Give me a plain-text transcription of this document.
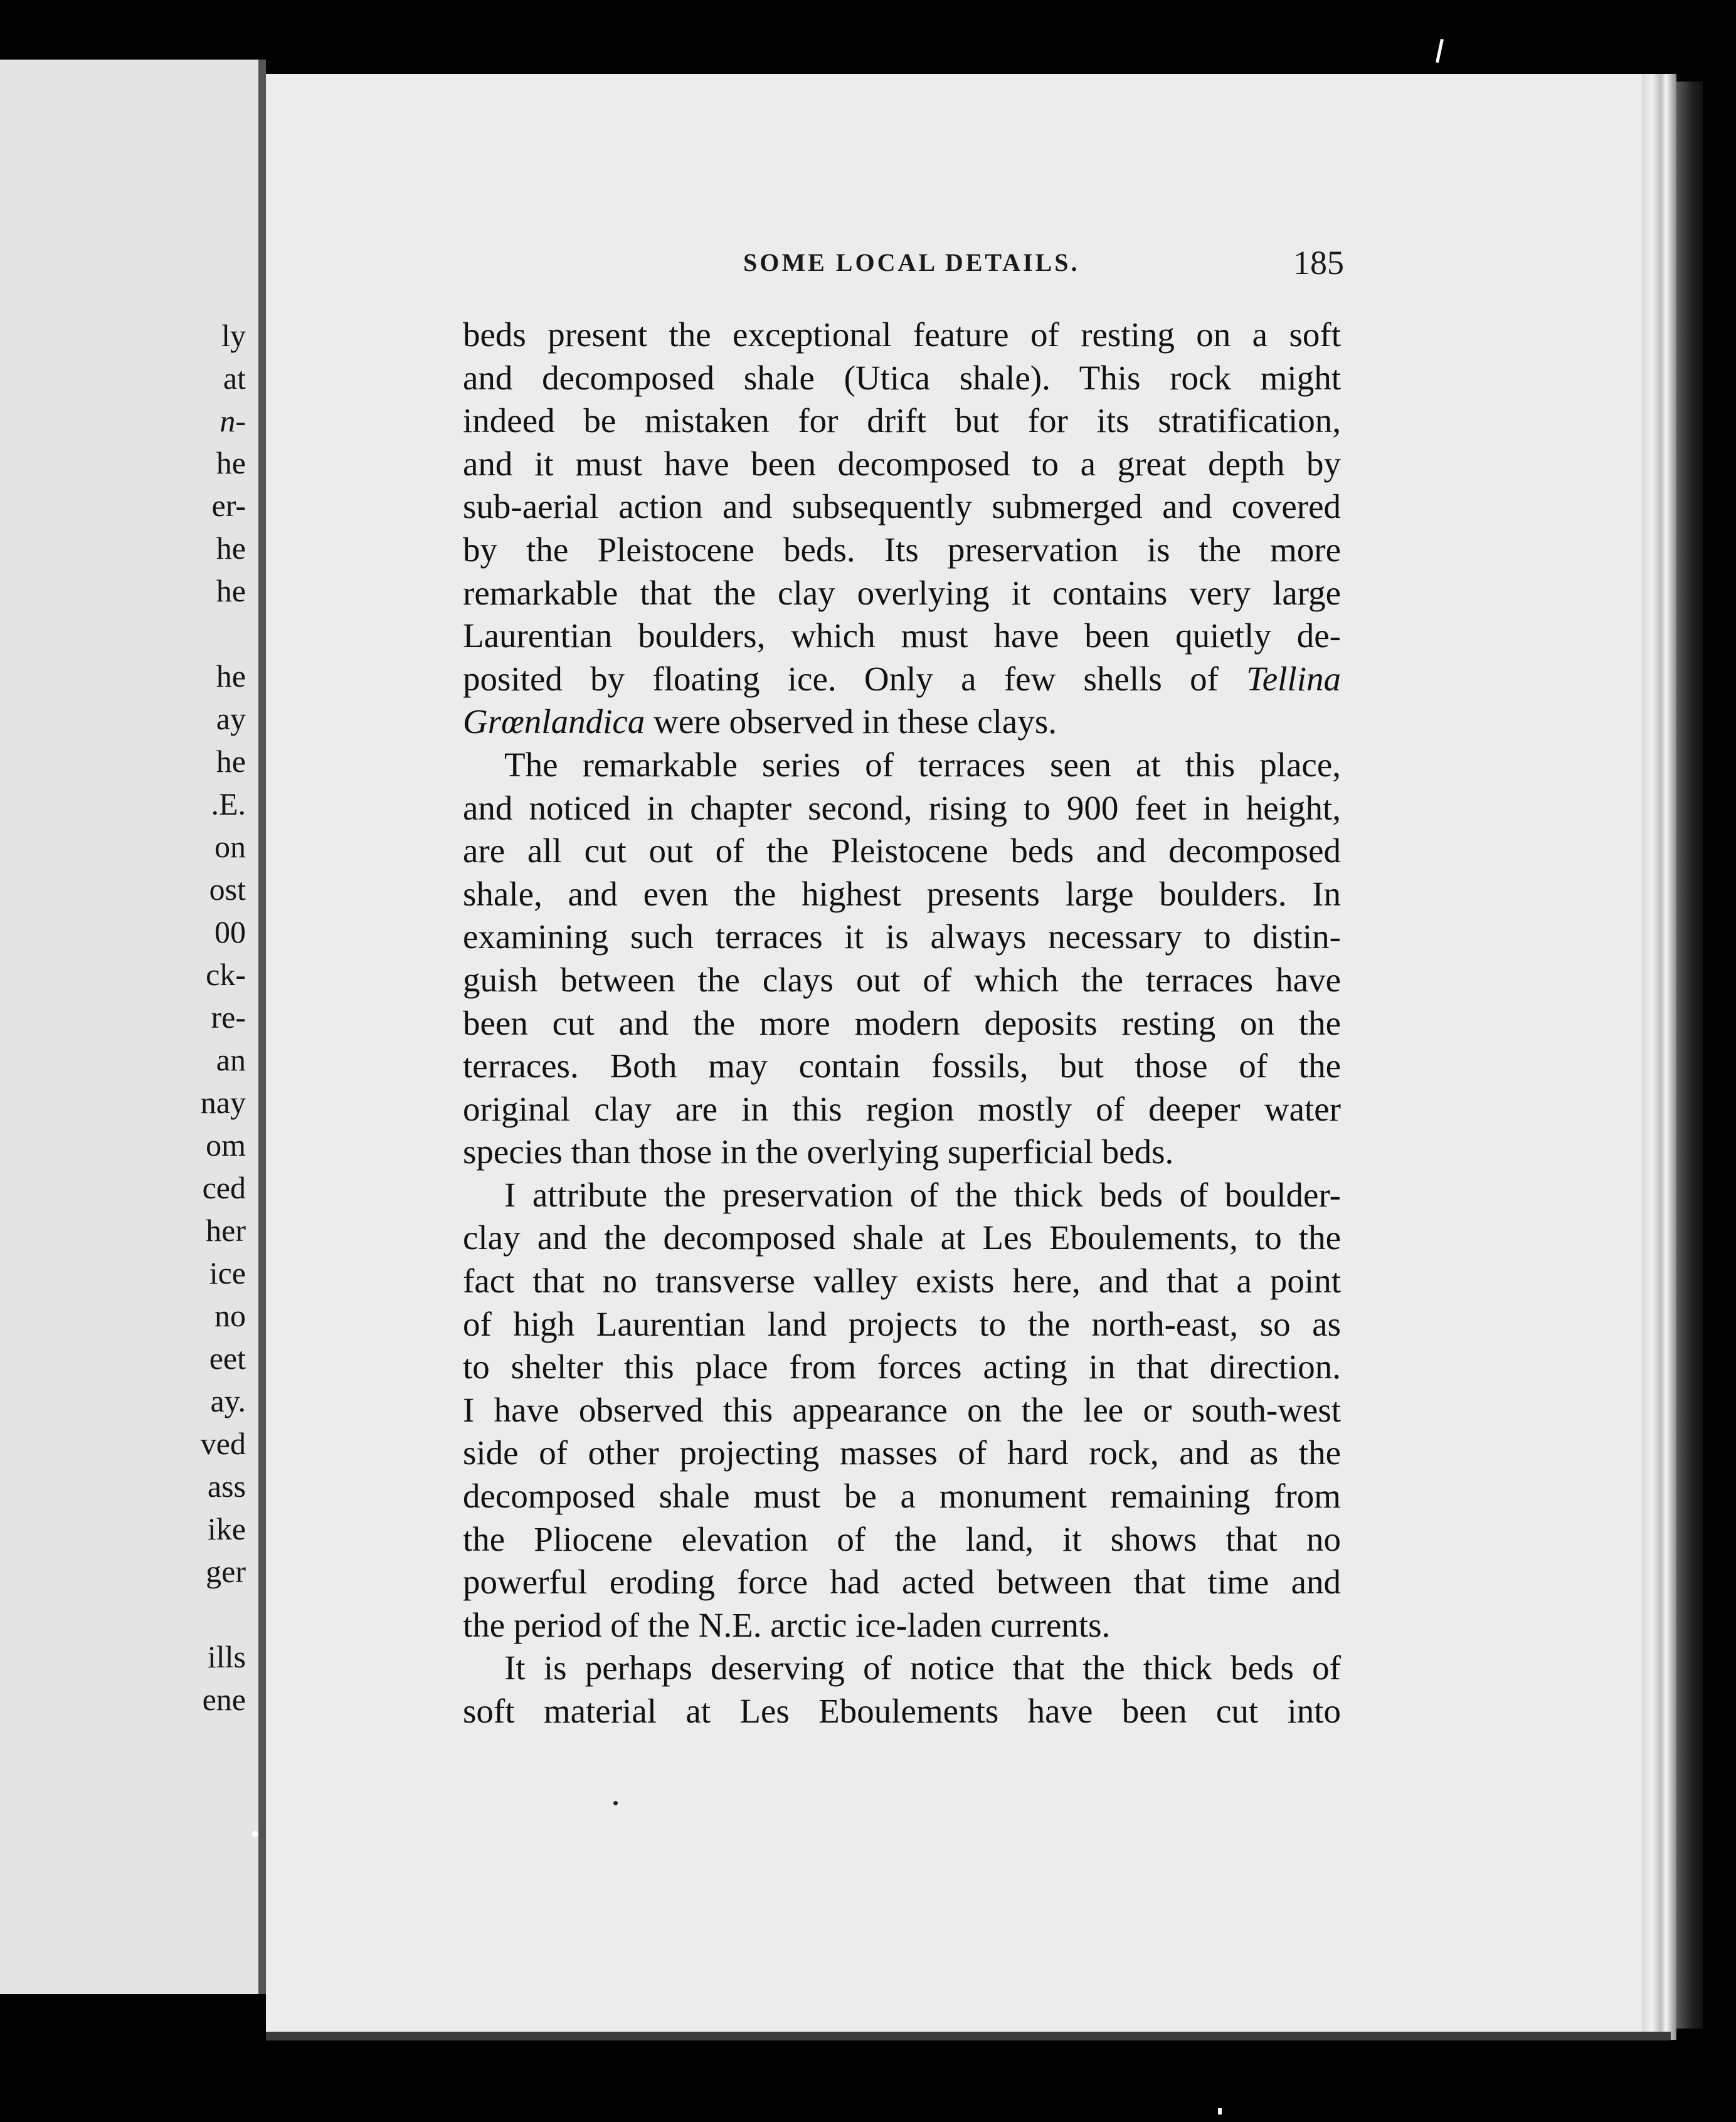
ly
at
n-
he
er-
he
he
he
ay
he
.E.
on
ost
00
ck-
re-
an
nay
om
ced
her
ice
no
eet
ay.
ved
ass
ike
ger
ills
ene
SOME LOCAL DETAILS.	185
beds present the exceptional feature of resting on a soft
and decomposed shale (Utica shale). This rock might
indeed be mistaken for drift but for its stratification,
and it must have been decomposed to a great depth by
sub-aerial action and subsequently submerged and covered
by the Pleistocene beds. Its preservation is the more
remarkable that the clay overlying it contains very large
Laurentian boulders, which must have been quietly de-
posited by floating ice. Only a few shells of Tellina
Grœnlandica were observed in these clays.
The remarkable series of terraces seen at this place,
and noticed in chapter second, rising to 900 feet in height,
are all cut out of the Pleistocene beds and decomposed
shale, and even the highest presents large boulders. In
examining such terraces it is always necessary to distin-
guish between the clays out of which the terraces have
been cut and the more modern deposits resting on the
terraces. Both may contain fossils, but those of the
original clay are in this region mostly of deeper water
species than those in the overlying superficial beds.
I attribute the preservation of the thick beds of boulder-
clay and the decomposed shale at Les Eboulements, to the
fact that no transverse valley exists here, and that a point
of high Laurentian land projects to the north-east, so as
to shelter this place from forces acting in that direction.
I have observed this appearance on the lee or south-west
side of other projecting masses of hard rock, and as the
decomposed shale must be a monument remaining from
the Pliocene elevation of the land, it shows that no
powerful eroding force had acted between that time and
the period of the N.E. arctic ice-laden currents.
It is perhaps deserving of notice that the thick beds of
soft material at Les Eboulements have been cut into
